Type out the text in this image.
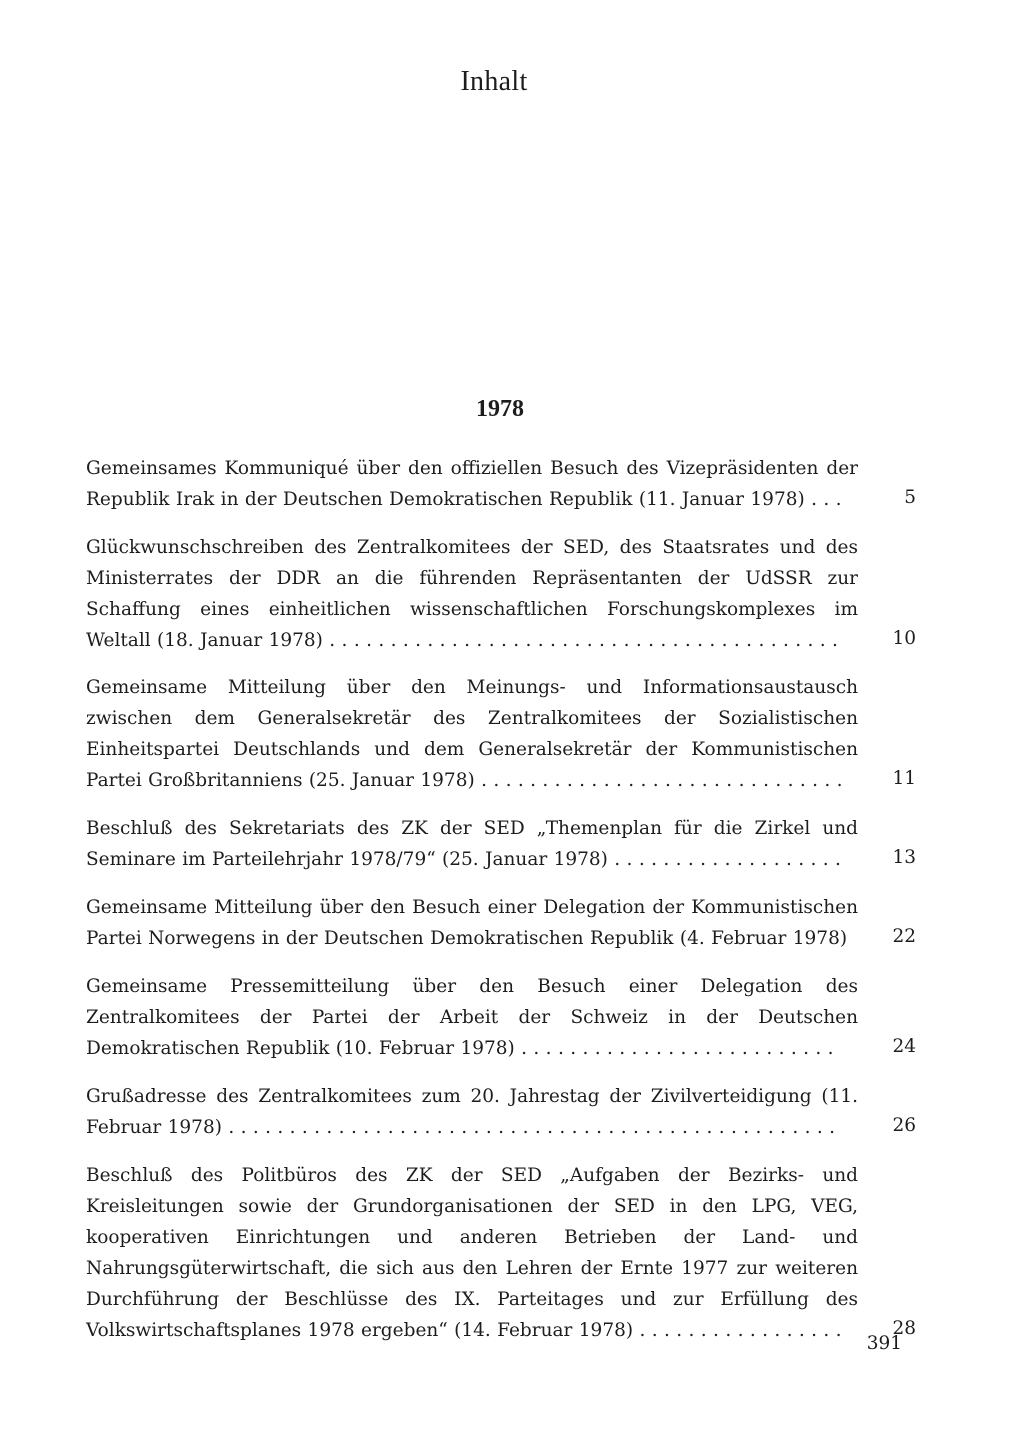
Inhalt
1978
Gemeinsames Kommuniqué über den offiziellen Besuch des Vizepräsidenten der Republik Irak in der Deutschen Demokratischen Republik (11. Januar 1978) . . .	5
Glückwunschschreiben des Zentralkomitees der SED, des Staatsrates und des Ministerrates der DDR an die führenden Repräsentanten der UdSSR zur Schaffung eines einheitlichen wissenschaftlichen Forschungskomplexes im Weltall (18. Januar 1978) . . . . . . . . . . . . . . . . . . . . . . . . . . . . . . . . . . . . . . . . . .	10
Gemeinsame Mitteilung über den Meinungs- und Informationsaustausch zwischen dem Generalsekretär des Zentralkomitees der Sozialistischen Einheitspartei Deutschlands und dem Generalsekretär der Kommunistischen Partei Großbritanniens (25. Januar 1978) . . . . . . . . . . . . . . . . . . . . . . . . . . . . . .	11
Beschluß des Sekretariats des ZK der SED „Themenplan für die Zirkel und Seminare im Parteilehrjahr 1978/79“ (25. Januar 1978) . . . . . . . . . . . . . . . . . . .	13
Gemeinsame Mitteilung über den Besuch einer Delegation der Kommunistischen Partei Norwegens in der Deutschen Demokratischen Republik (4. Februar 1978)	22
Gemeinsame Pressemitteilung über den Besuch einer Delegation des Zentralkomitees der Partei der Arbeit der Schweiz in der Deutschen Demokratischen Republik (10. Februar 1978) . . . . . . . . . . . . . . . . . . . . . . . . . .	24
Grußadresse des Zentralkomitees zum 20. Jahrestag der Zivilverteidigung (11. Februar 1978) . . . . . . . . . . . . . . . . . . . . . . . . . . . . . . . . . . . . . . . . . . . . . . . . . .	26
Beschluß des Politbüros des ZK der SED „Aufgaben der Bezirks- und Kreisleitungen sowie der Grundorganisationen der SED in den LPG, VEG, kooperativen Einrichtungen und anderen Betrieben der Land- und Nahrungsgüterwirtschaft, die sich aus den Lehren der Ernte 1977 zur weiteren Durchführung der Beschlüsse des IX. Parteitages und zur Erfüllung des Volkswirtschaftsplanes 1978 ergeben“ (14. Februar 1978) . . . . . . . . . . . . . . . . .	28
391
